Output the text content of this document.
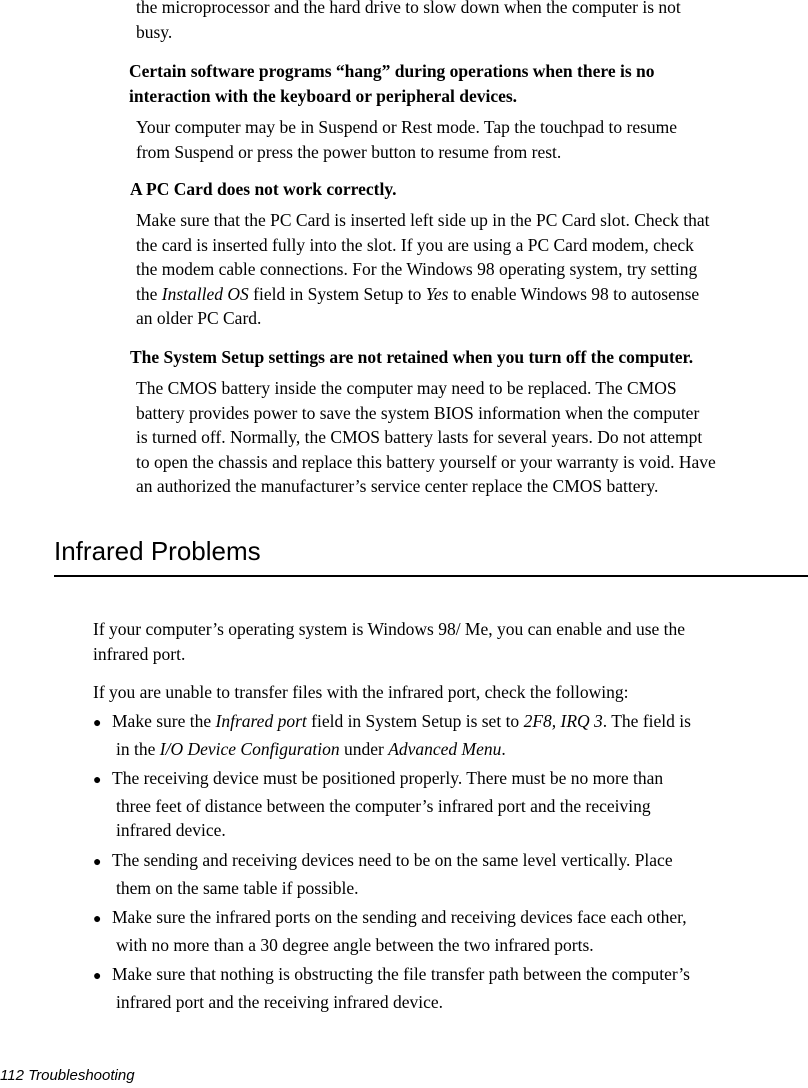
the microprocessor and the hard drive to slow down when the computer is not
busy.
Certain software programs “hang” during operations when there is no
interaction with the keyboard or peripheral devices.
Your computer may be in Suspend or Rest mode. Tap the touchpad to resume
from Suspend or press the power button to resume from rest.
A PC Card does not work correctly.
Make sure that the PC Card is inserted left side up in the PC Card slot. Check that
the card is inserted fully into the slot. If you are using a PC Card modem, check
the modem cable connections. For the Windows 98 operating system, try setting
the Installed OS field in System Setup to Yes to enable Windows 98 to autosense
an older PC Card.
The System Setup settings are not retained when you turn off the computer.
The CMOS battery inside the computer may need to be replaced. The CMOS
battery provides power to save the system BIOS information when the computer
is turned off. Normally, the CMOS battery lasts for several years. Do not attempt
to open the chassis and replace this battery yourself or your warranty is void. Have
an authorized the manufacturer’s service center replace the CMOS battery.
Infrared Problems
If your computer’s operating system is Windows 98/ Me, you can enable and use the
infrared port.
If you are unable to transfer files with the infrared port, check the following:
● Make sure the Infrared port field in System Setup is set to 2F8, IRQ 3. The field is
in the I/O Device Configuration under Advanced Menu.
● The receiving device must be positioned properly. There must be no more than
three feet of distance between the computer’s infrared port and the receiving
infrared device.
● The sending and receiving devices need to be on the same level vertically. Place
them on the same table if possible.
● Make sure the infrared ports on the sending and receiving devices face each other,
with no more than a 30 degree angle between the two infrared ports.
● Make sure that nothing is obstructing the file transfer path between the computer’s
infrared port and the receiving infrared device.
112 Troubleshooting
